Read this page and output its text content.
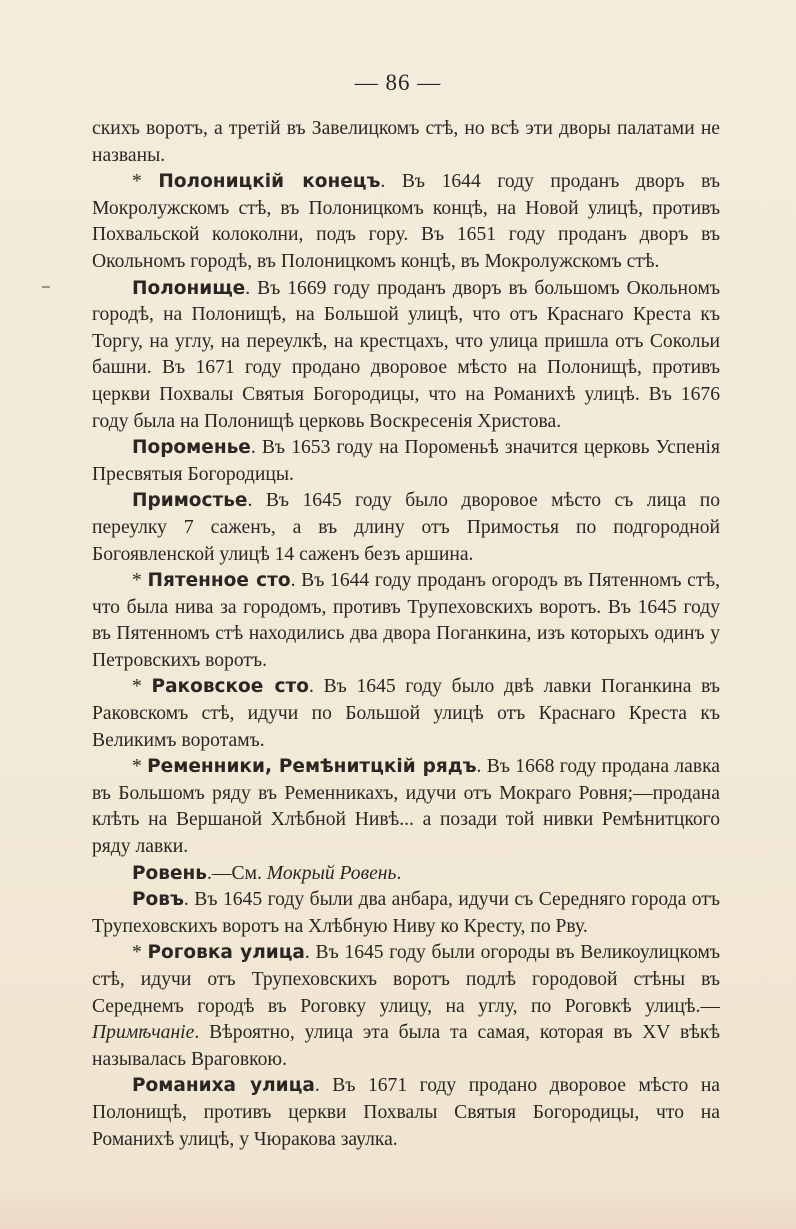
— 86 —

скихъ воротъ, а третій въ Завелицкомъ стѣ, но всѣ эти дворы палатами не названы.

* Полоницкій конецъ. Въ 1644 году проданъ дворъ въ Мокролужскомъ стѣ, въ Полоницкомъ концѣ, на Новой улицѣ, противъ Похвальской колоколни, подъ гору. Въ 1651 году проданъ дворъ въ Окольномъ городѣ, въ Полоницкомъ концѣ, въ Мокролужскомъ стѣ.

Полонище. Въ 1669 году проданъ дворъ въ большомъ Окольномъ городѣ, на Полонищѣ, на Большой улицѣ, что отъ Краснаго Креста къ Торгу, на углу, на переулкѣ, на крестцахъ, что улица пришла отъ Сокольи башни. Въ 1671 году продано дворовое мѣсто на Полонищѣ, противъ церкви Похвалы Святыя Богородицы, что на Романихѣ улицѣ. Въ 1676 году была на Полонищѣ церковь Воскресенія Христова.

Пороменье. Въ 1653 году на Пороменьѣ значится церковь Успенія Пресвятыя Богородицы.

Примостье. Въ 1645 году было дворовое мѣсто съ лица по переулку 7 саженъ, а въ длину отъ Примостья по подгородной Богоявленской улицѣ 14 саженъ безъ аршина.

* Пятенное сто. Въ 1644 году проданъ огородъ въ Пятенномъ стѣ, что была нива за городомъ, противъ Трупеховскихъ воротъ. Въ 1645 году въ Пятенномъ стѣ находились два двора Поганкина, изъ которыхъ одинъ у Петровскихъ воротъ.

* Раковское сто. Въ 1645 году было двѣ лавки Поганкина въ Раковскомъ стѣ, идучи по Большой улицѣ отъ Краснаго Креста къ Великимъ воротамъ.

* Ременники, Ремѣнитцкій рядъ. Въ 1668 году продана лавка въ Большомъ ряду въ Ременникахъ, идучи отъ Мокраго Ровня;—продана клѣть на Вершаной Хлѣбной Нивѣ... а позади той нивки Ремѣнитцкого ряду лавки.

Ровень.—См. Мокрый Ровень.

Ровъ. Въ 1645 году были два анбара, идучи съ Середняго города отъ Трупеховскихъ воротъ на Хлѣбную Ниву ко Кресту, по Рву.

* Роговка улица. Въ 1645 году были огороды въ Великоулицкомъ стѣ, идучи отъ Трупеховскихъ воротъ подлѣ городовой стѣны въ Середнемъ городѣ въ Роговку улицу, на углу, по Роговкѣ улицѣ.— Примѣчаніе. Вѣроятно, улица эта была та самая, которая въ XV вѣкѣ называлась Враговкою.

Романиха улица. Въ 1671 году продано дворовое мѣсто на Полонищѣ, противъ церкви Похвалы Святыя Богородицы, что на Романихѣ улицѣ, у Чюракова заулка.
